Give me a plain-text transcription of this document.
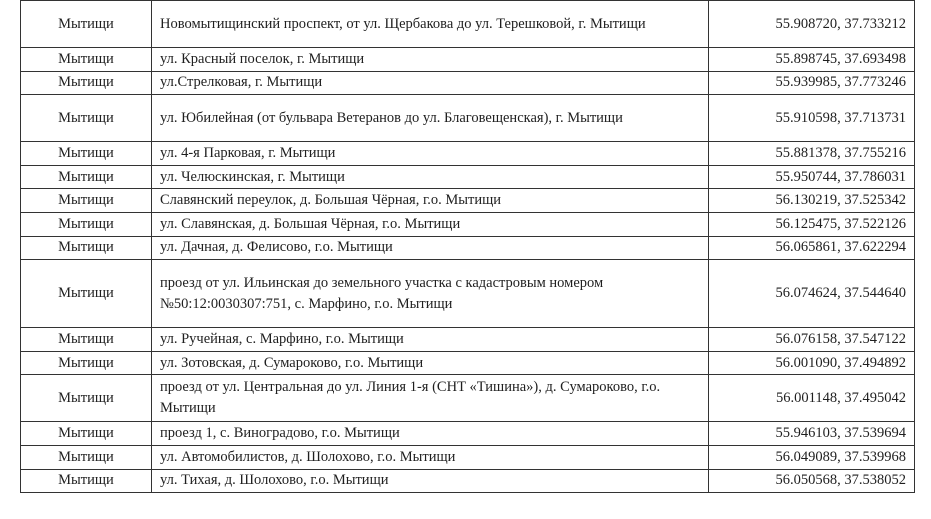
Мытищи	Новомытищинский проспект, от ул. Щербакова до ул. Терешковой, г. Мытищи	55.908720, 37.733212
Мытищи	ул. Красный поселок, г. Мытищи	55.898745, 37.693498
Мытищи	ул.Стрелковая, г. Мытищи	55.939985, 37.773246
Мытищи	ул. Юбилейная (от бульвара Ветеранов до ул. Благовещенская), г. Мытищи	55.910598, 37.713731
Мытищи	ул. 4-я Парковая, г. Мытищи	55.881378, 37.755216
Мытищи	ул. Челюскинская, г. Мытищи	55.950744, 37.786031
Мытищи	Славянский переулок, д. Большая Чёрная, г.о. Мытищи	56.130219, 37.525342
Мытищи	ул. Славянская, д. Большая Чёрная, г.о. Мытищи	56.125475, 37.522126
Мытищи	ул. Дачная, д. Фелисово, г.о. Мытищи	56.065861, 37.622294
Мытищи	проезд от ул. Ильинская до земельного участка с кадастровым номером №50:12:0030307:751, с. Марфино, г.о. Мытищи	56.074624, 37.544640
Мытищи	ул. Ручейная, с. Марфино, г.о. Мытищи	56.076158, 37.547122
Мытищи	ул. Зотовская, д. Сумароково, г.о. Мытищи	56.001090, 37.494892
Мытищи	проезд от ул. Центральная до ул. Линия 1-я (СНТ «Тишина»), д. Сумароково, г.о. Мытищи	56.001148, 37.495042
Мытищи	проезд 1, с. Виноградово, г.о. Мытищи	55.946103, 37.539694
Мытищи	ул. Автомобилистов, д. Шолохово, г.о. Мытищи	56.049089, 37.539968
Мытищи	ул. Тихая, д. Шолохово, г.о. Мытищи	56.050568, 37.538052
